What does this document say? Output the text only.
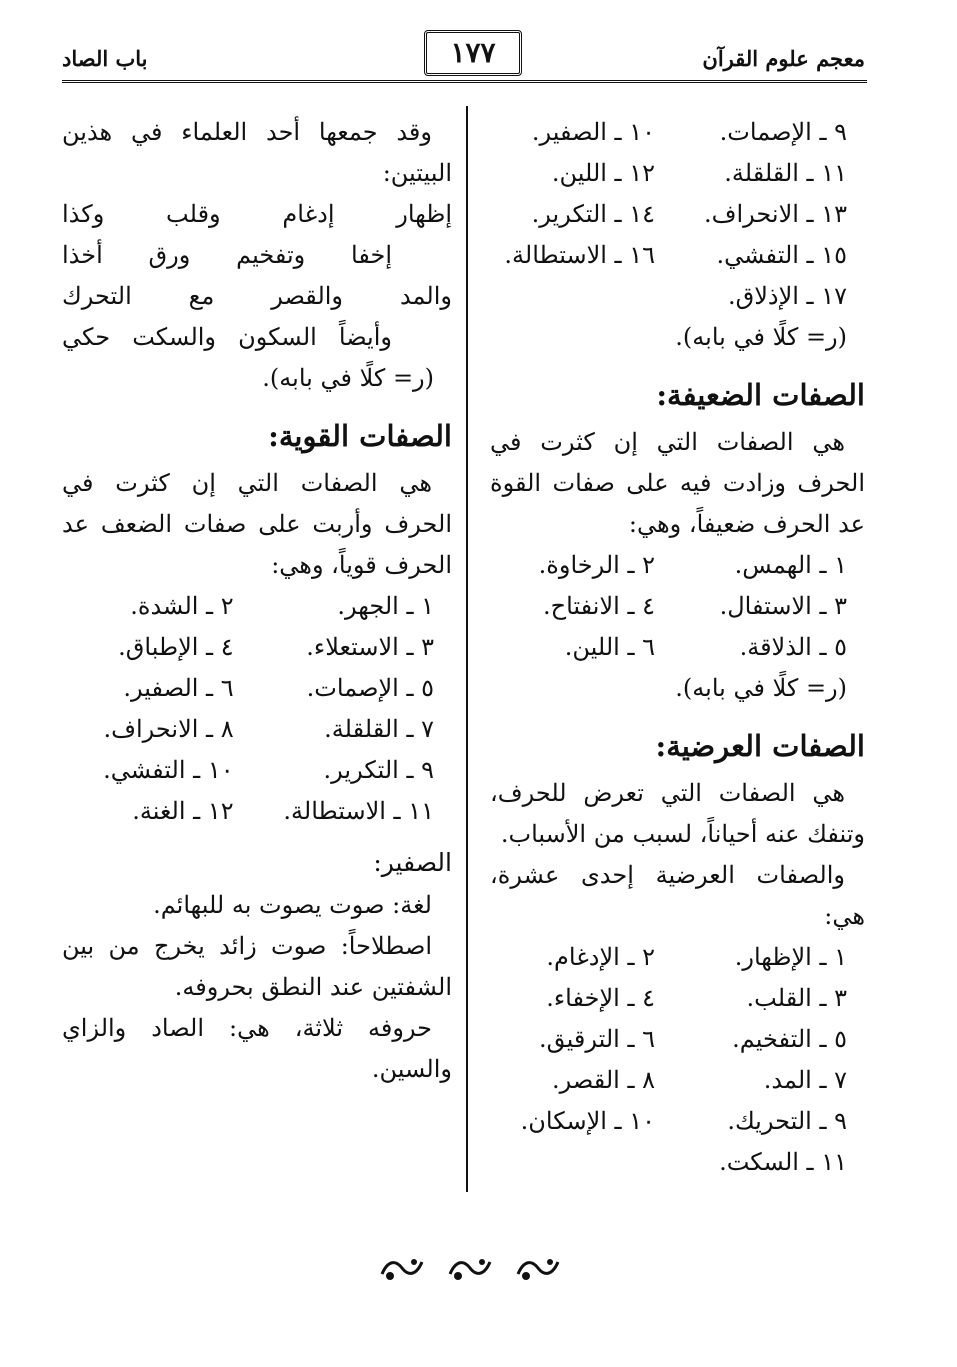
معجم علوم القرآن
١٧٧
باب الصاد
٩ ـ الإصمات.
١٠ ـ الصفير.
١١ ـ القلقلة.
١٢ ـ اللين.
١٣ ـ الانحراف.
١٤ ـ التكرير.
١٥ ـ التفشي.
١٦ ـ الاستطالة.
١٧ ـ الإذلاق.

(ر= كلًا في بابه).

الصفات الضعيفة:

هي الصفات التي إن كثرت في الحرف وزادت فيه على صفات القوة عد الحرف ضعيفاً، وهي:

١ ـ الهمس.
٢ ـ الرخاوة.
٣ ـ الاستفال.
٤ ـ الانفتاح.
٥ ـ الذلاقة.
٦ ـ اللين.

(ر= كلًا في بابه).

الصفات العرضية:

هي الصفات التي تعرض للحرف، وتنفك عنه أحياناً، لسبب من الأسباب.

والصفات العرضية إحدى عشرة، هي:

١ ـ الإظهار.
٢ ـ الإدغام.
٣ ـ القلب.
٤ ـ الإخفاء.
٥ ـ التفخيم.
٦ ـ الترقيق.
٧ ـ المد.
٨ ـ القصر.
٩ ـ التحريك.
١٠ ـ الإسكان.
١١ ـ السكت.

وقد جمعها أحد العلماء في هذين البيتين:

إظهار إدغام وقلب وكذا
إخفا وتفخيم ورق أخذا
والمد والقصر مع التحرك
وأيضاً السكون والسكت حكي

(ر= كلًا في بابه).

الصفات القوية:

هي الصفات التي إن كثرت في الحرف وأربت على صفات الضعف عد الحرف قوياً، وهي:

١ ـ الجهر.
٢ ـ الشدة.
٣ ـ الاستعلاء.
٤ ـ الإطباق.
٥ ـ الإصمات.
٦ ـ الصفير.
٧ ـ القلقلة.
٨ ـ الانحراف.
٩ ـ التكرير.
١٠ ـ التفشي.
١١ ـ الاستطالة.
١٢ ـ الغنة.
الصفير:

لغة: صوت يصوت به للبهائم.

اصطلاحاً: صوت زائد يخرج من بين الشفتين عند النطق بحروفه.

حروفه ثلاثة، هي: الصاد والزاي والسين.
